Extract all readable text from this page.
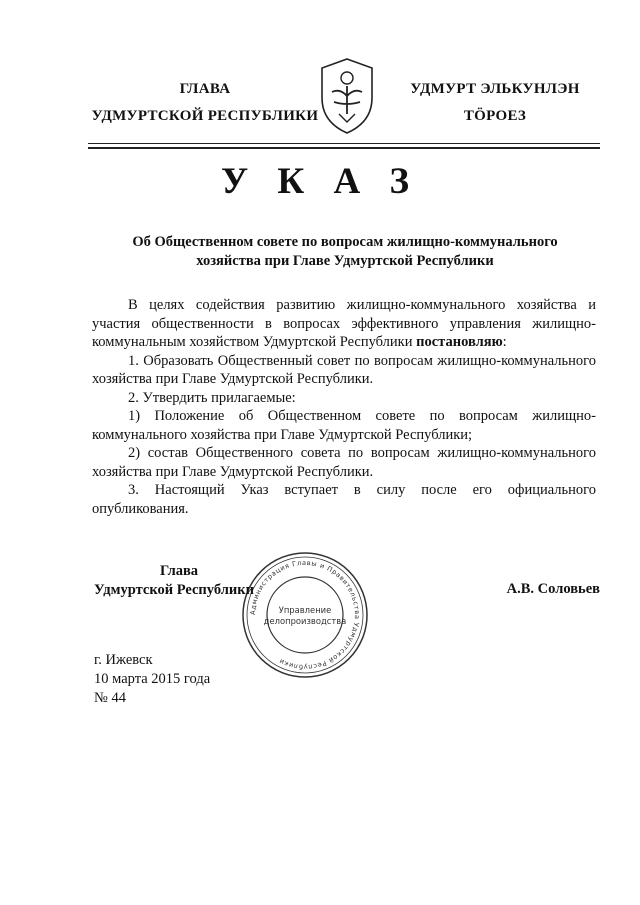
ГЛАВА
УДМУРТСКОЙ РЕСПУБЛИКИ
УДМУРТ ЭЛЬКУНЛЭН
ТӦРОЕЗ
У К А З
Об Общественном совете по вопросам жилищно-коммунального
хозяйства при Главе Удмуртской Республики

В целях содействия развитию жилищно-коммунального хозяйства и участия общественности в вопросах эффективного управления жилищно-коммунальным хозяйством Удмуртской Республики постановляю:

1. Образовать Общественный совет по вопросам жилищно-коммунального хозяйства при Главе Удмуртской Республики.

2. Утвердить прилагаемые:

1) Положение об Общественном совете по вопросам жилищно-коммунального хозяйства при Главе Удмуртской Республики;

2) состав Общественного совета по вопросам жилищно-коммунального хозяйства при Главе Удмуртской Республики.

3. Настоящий Указ вступает в силу после его официального опубликования.

Администрация Главы и Правительства Удмуртской Республики
Управление
делопроизводства
Глава
Удмуртской Республики	А.В. Соловьев
г. Ижевск
10 марта 2015 года
№ 44
